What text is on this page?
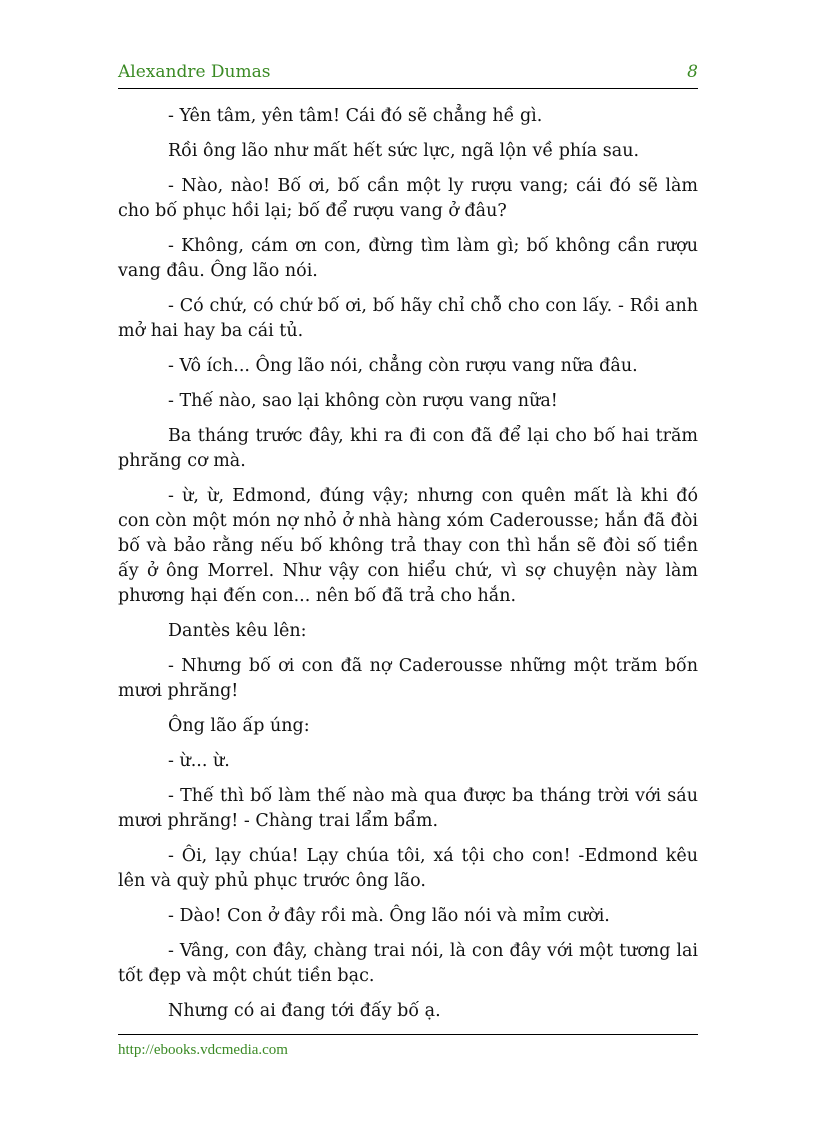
Alexandre Dumas	8

- Yên tâm, yên tâm! Cái đó sẽ chẳng hề gì.

Rồi ông lão như mất hết sức lực, ngã lộn về phía sau.

- Nào, nào! Bố ơi, bố cần một ly rượu vang; cái đó sẽ làm cho bố phục hồi lại; bố để rượu vang ở đâu?

- Không, cám ơn con, đừng tìm làm gì; bố không cần rượu vang đâu. Ông lão nói.

- Có chứ, có chứ bố ơi, bố hãy chỉ chỗ cho con lấy. - Rồi anh mở hai hay ba cái tủ.

- Vô ích... Ông lão nói, chẳng còn rượu vang nữa đâu.

- Thế nào, sao lại không còn rượu vang nữa!

Ba tháng trước đây, khi ra đi con đã để lại cho bố hai trăm phrăng cơ mà.

- ừ, ừ, Edmond, đúng vậy; nhưng con quên mất là khi đó con còn một món nợ nhỏ ở nhà hàng xóm Caderousse; hắn đã đòi bố và bảo rằng nếu bố không trả thay con thì hắn sẽ đòi số tiền ấy ở ông Morrel. Như vậy con hiểu chứ, vì sợ chuyện này làm phương hại đến con... nên bố đã trả cho hắn.

Dantès kêu lên:

- Nhưng bố ơi con đã nợ Caderousse những một trăm bốn mươi phrăng!

Ông lão ấp úng:

- ừ... ừ.

- Thế thì bố làm thế nào mà qua được ba tháng trời với sáu mươi phrăng! - Chàng trai lẩm bẩm.

- Ôi, lạy chúa! Lạy chúa tôi, xá tội cho con! -Edmond kêu lên và quỳ phủ phục trước ông lão.

- Dào! Con ở đây rồi mà. Ông lão nói và mỉm cười.

- Vâng, con đây, chàng trai nói, là con đây với một tương lai tốt đẹp và một chút tiền bạc.

Nhưng có ai đang tới đấy bố ạ.

http://ebooks.vdcmedia.com
